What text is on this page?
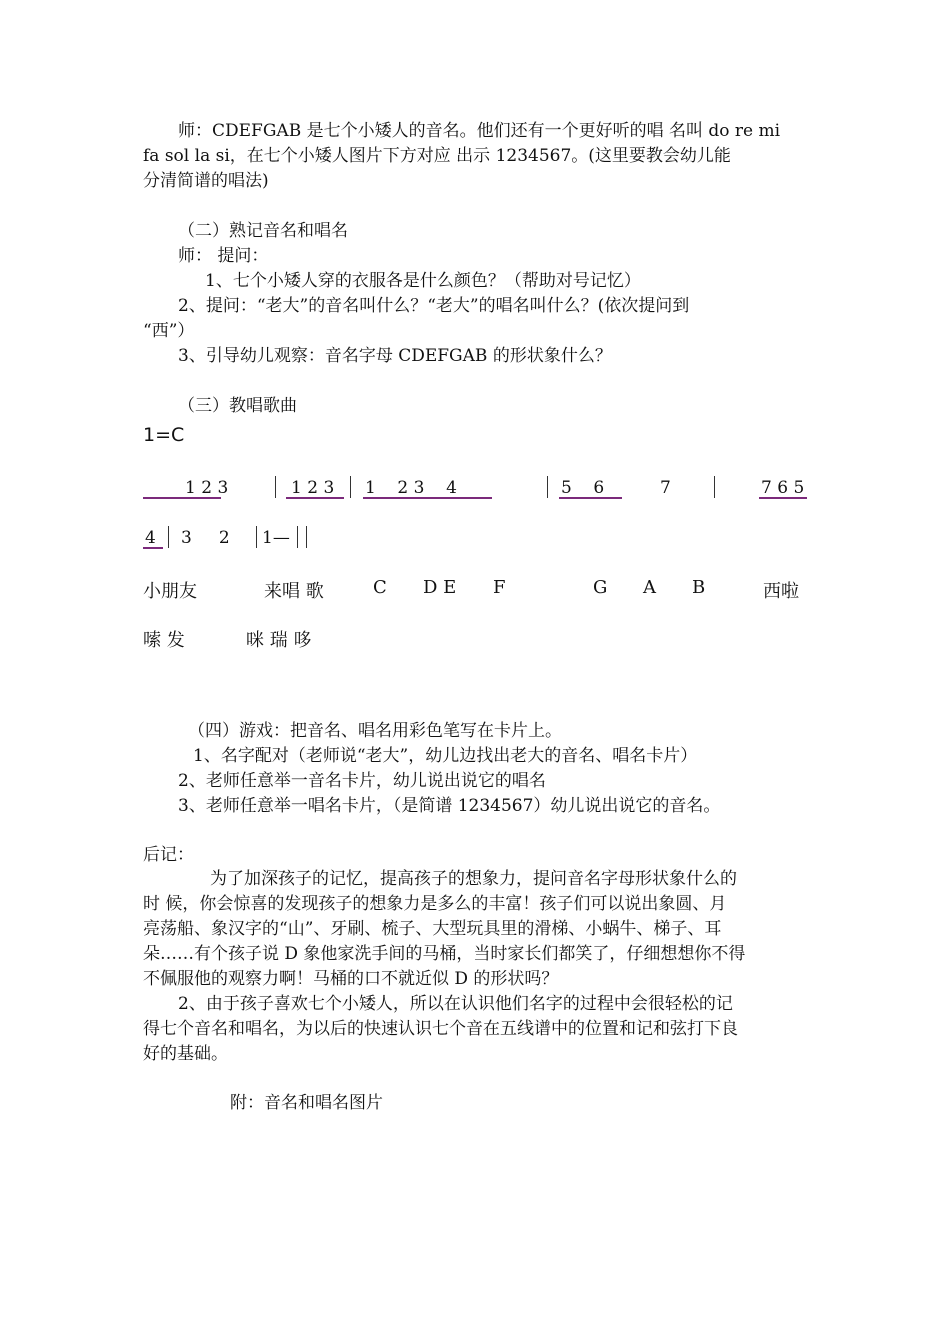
师：CDEFGAB 是七个小矮人的音名。他们还有一个更好听的唱 名叫 do re mi
fa sol la si，在七个小矮人图片下方对应 出示 1234567。(这里要教会幼儿能
分清简谱的唱法)
（二）熟记音名和唱名
师： 提问：
1、七个小矮人穿的衣服各是什么颜色？（帮助对号记忆）
2、提问：“老大”的音名叫什么？“老大”的唱名叫什么？(依次提问到
“西”）
3、引导幼儿观察：音名字母 CDEFGAB 的形状象什么？
（三）教唱歌曲
1=C
1 2 3	1 2 3 1    2 3    4	5    6	7	7 6 5
4 3     2 1—
小朋友	来唱 歌	C D E F	G A B	西啦
嗦 发	咪 瑞 哆
（四）游戏：把音名、唱名用彩色笔写在卡片上。
1、名字配对（老师说“老大”，幼儿边找出老大的音名、唱名卡片）
2、老师任意举一音名卡片，幼儿说出说它的唱名
3、老师任意举一唱名卡片，（是简谱 1234567）幼儿说出说它的音名。
后记：
为了加深孩子的记忆，提高孩子的想象力，提问音名字母形状象什么的
时 候，你会惊喜的发现孩子的想象力是多么的丰富！孩子们可以说出象圆、月
亮荡船、象汉字的“山”、牙刷、梳子、大型玩具里的滑梯、小蜗牛、梯子、耳
朵……有个孩子说 D 象他家洗手间的马桶，当时家长们都笑了，仔细想想你不得
不佩服他的观察力啊！马桶的口不就近似 D 的形状吗？
2、由于孩子喜欢七个小矮人，所以在认识他们名字的过程中会很轻松的记
得七个音名和唱名，为以后的快速认识七个音在五线谱中的位置和记和弦打下良
好的基础。
附：音名和唱名图片
